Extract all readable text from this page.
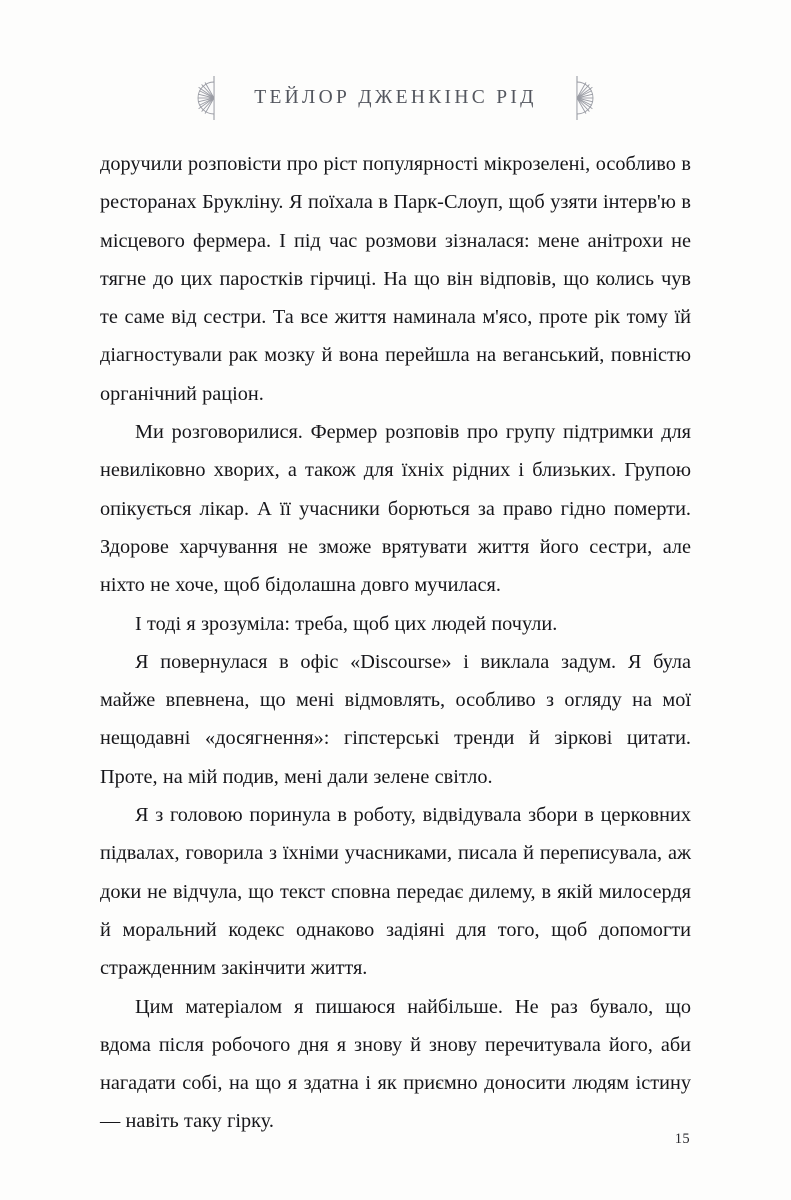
ТЕЙЛОР ДЖЕНКІНС РІД

доручили розповісти про ріст популярності мікрозелені, особливо в ресторанах Брукліну. Я поїхала в Парк-Слоуп, щоб узяти інтерв'ю в місцевого фермера. І під час розмови зізналася: мене анітрохи не тягне до цих паростків гірчиці. На що він відповів, що колись чув те саме від сестри. Та все життя наминала м'ясо, проте рік тому їй діагностували рак мозку й вона перейшла на веганський, повністю органічний раціон.

Ми розговорилися. Фермер розповів про групу підтримки для невиліковно хворих, а також для їхніх рідних і близьких. Групою опікується лікар. А її учасники борються за право гідно померти. Здорове харчування не зможе врятувати життя його сестри, але ніхто не хоче, щоб бідолашна довго мучилася.

І тоді я зрозуміла: треба, щоб цих людей почули.

Я повернулася в офіс «Discourse» і виклала задум. Я була майже впевнена, що мені відмовлять, особливо з огляду на мої нещодавні «досягнення»: гіпстерські тренди й зіркові цитати. Проте, на мій подив, мені дали зелене світло.

Я з головою поринула в роботу, відвідувала збори в церковних підвалах, говорила з їхніми учасниками, писала й переписувала, аж доки не відчула, що текст сповна передає дилему, в якій милосердя й моральний кодекс однаково задіяні для того, щоб допомогти стражденним закінчити життя.

Цим матеріалом я пишаюся найбільше. Не раз бувало, що вдома після робочого дня я знову й знову перечитувала його, аби нагадати собі, на що я здатна і як приємно доносити людям істину — навіть таку гірку.

15
